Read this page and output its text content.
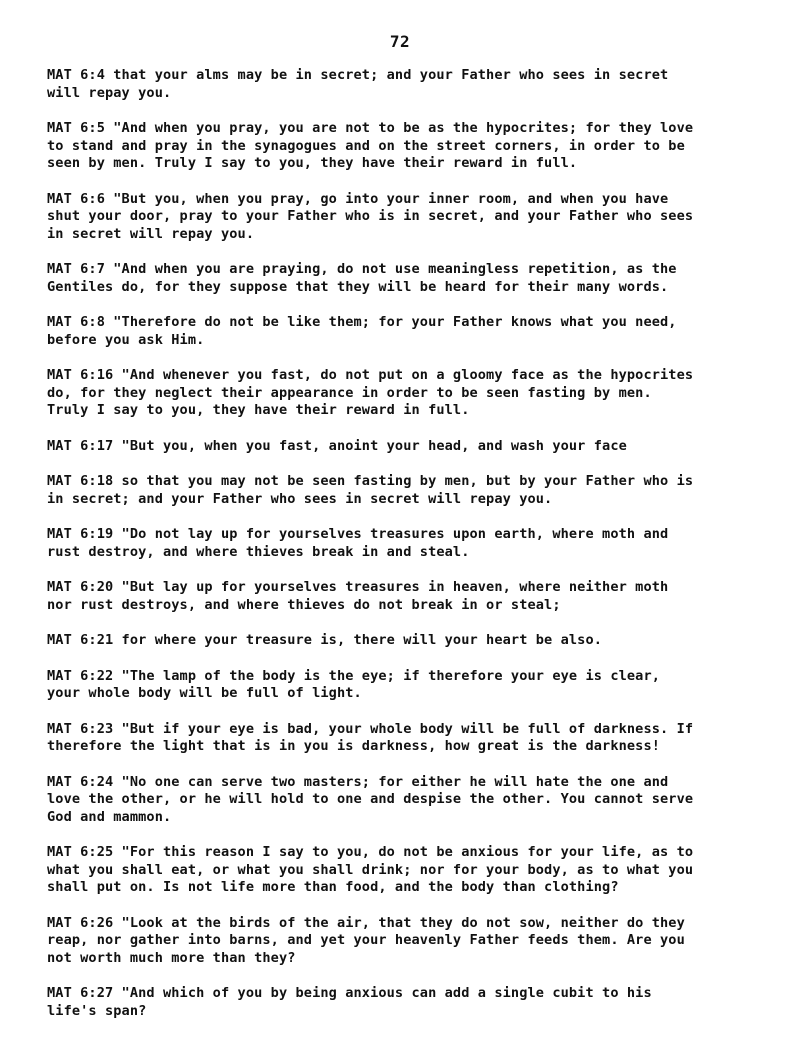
72

MAT 6:4 that your alms may be in secret; and your Father who sees in secret
will repay you.

MAT 6:5 "And when you pray, you are not to be as the hypocrites; for they love
to stand and pray in the synagogues and on the street corners, in order to be
seen by men. Truly I say to you, they have their reward in full.

MAT 6:6 "But you, when you pray, go into your inner room, and when you have
shut your door, pray to your Father who is in secret, and your Father who sees
in secret will repay you.

MAT 6:7 "And when you are praying, do not use meaningless repetition, as the
Gentiles do, for they suppose that they will be heard for their many words.

MAT 6:8 "Therefore do not be like them; for your Father knows what you need,
before you ask Him.

MAT 6:16 "And whenever you fast, do not put on a gloomy face as the hypocrites
do, for they neglect their appearance in order to be seen fasting by men.
Truly I say to you, they have their reward in full.

MAT 6:17 "But you, when you fast, anoint your head, and wash your face

MAT 6:18 so that you may not be seen fasting by men, but by your Father who is
in secret; and your Father who sees in secret will repay you.

MAT 6:19 "Do not lay up for yourselves treasures upon earth, where moth and
rust destroy, and where thieves break in and steal.

MAT 6:20 "But lay up for yourselves treasures in heaven, where neither moth
nor rust destroys, and where thieves do not break in or steal;

MAT 6:21 for where your treasure is, there will your heart be also.

MAT 6:22 "The lamp of the body is the eye; if therefore your eye is clear,
your whole body will be full of light.

MAT 6:23 "But if your eye is bad, your whole body will be full of darkness. If
therefore the light that is in you is darkness, how great is the darkness!

MAT 6:24 "No one can serve two masters; for either he will hate the one and
love the other, or he will hold to one and despise the other. You cannot serve
God and mammon.

MAT 6:25 "For this reason I say to you, do not be anxious for your life, as to
what you shall eat, or what you shall drink; nor for your body, as to what you
shall put on. Is not life more than food, and the body than clothing?

MAT 6:26 "Look at the birds of the air, that they do not sow, neither do they
reap, nor gather into barns, and yet your heavenly Father feeds them. Are you
not worth much more than they?

MAT 6:27 "And which of you by being anxious can add a single cubit to his
life's span?
